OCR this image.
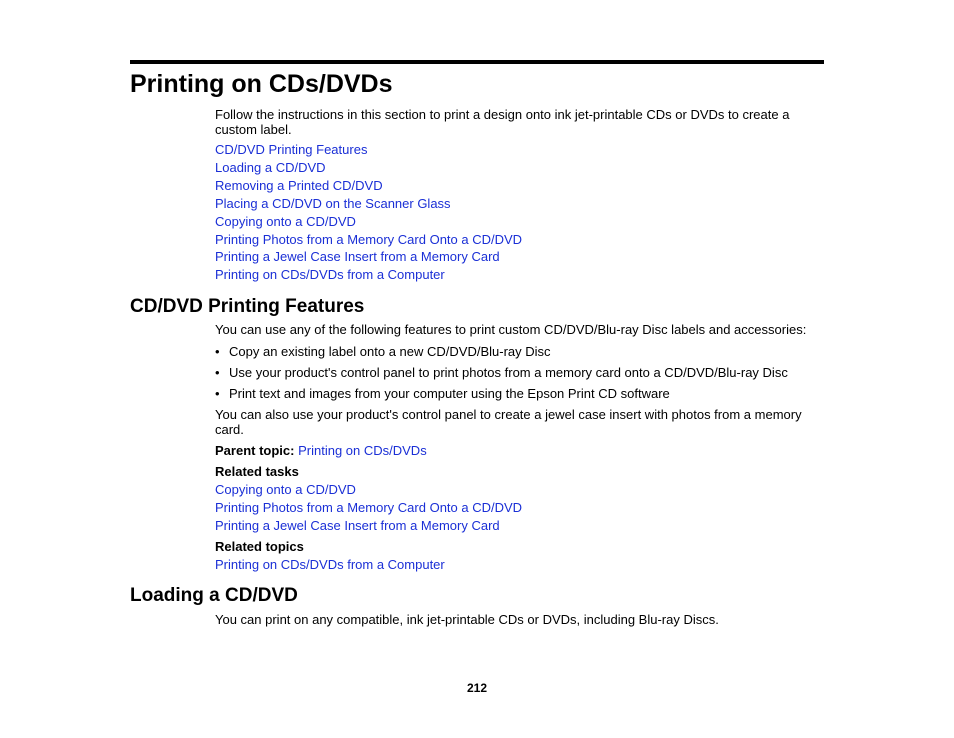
Printing on CDs/DVDs
Follow the instructions in this section to print a design onto ink jet-printable CDs or DVDs to create a custom label.
CD/DVD Printing Features
Loading a CD/DVD
Removing a Printed CD/DVD
Placing a CD/DVD on the Scanner Glass
Copying onto a CD/DVD
Printing Photos from a Memory Card Onto a CD/DVD
Printing a Jewel Case Insert from a Memory Card
Printing on CDs/DVDs from a Computer
CD/DVD Printing Features
You can use any of the following features to print custom CD/DVD/Blu-ray Disc labels and accessories:
• Copy an existing label onto a new CD/DVD/Blu-ray Disc
• Use your product's control panel to print photos from a memory card onto a CD/DVD/Blu-ray Disc
• Print text and images from your computer using the Epson Print CD software
You can also use your product's control panel to create a jewel case insert with photos from a memory card.
Parent topic: Printing on CDs/DVDs
Related tasks
Copying onto a CD/DVD
Printing Photos from a Memory Card Onto a CD/DVD
Printing a Jewel Case Insert from a Memory Card
Related topics
Printing on CDs/DVDs from a Computer
Loading a CD/DVD
You can print on any compatible, ink jet-printable CDs or DVDs, including Blu-ray Discs.
212
